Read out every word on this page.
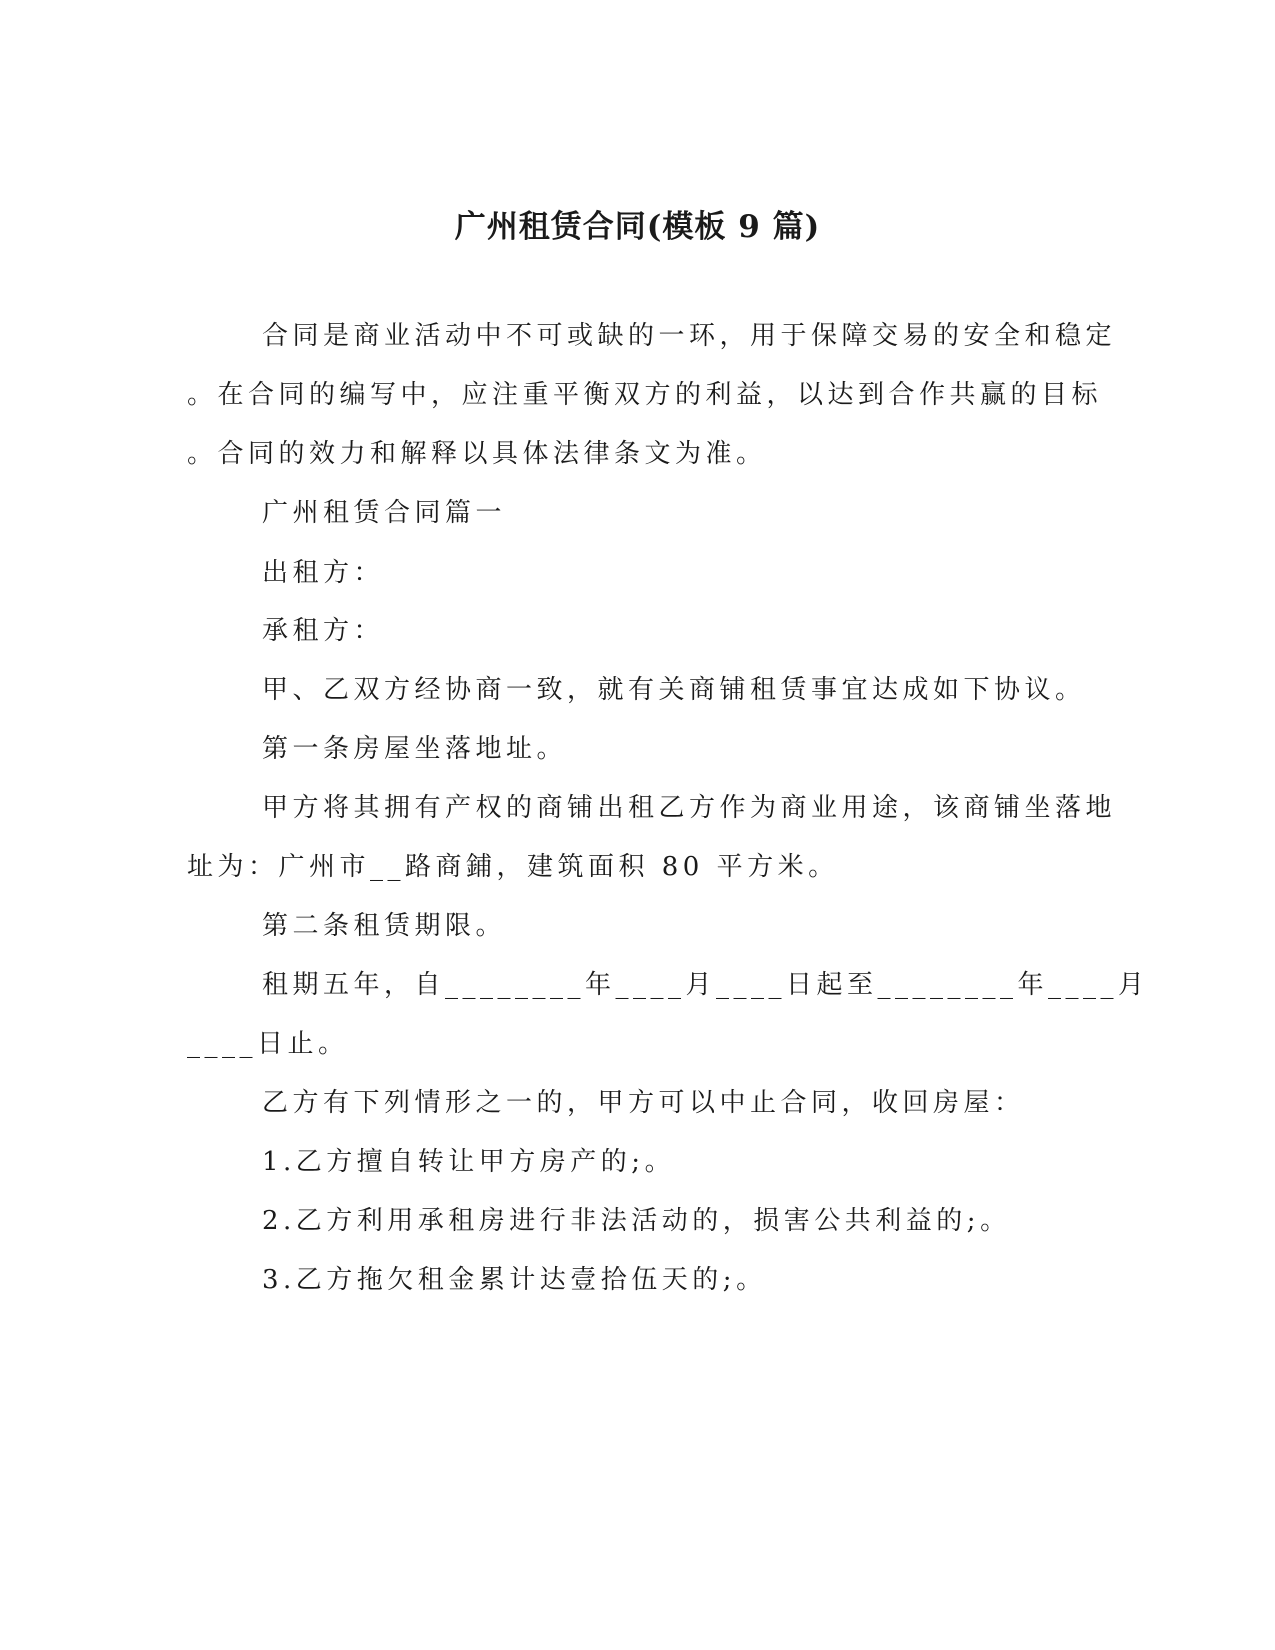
广州租赁合同(模板 9 篇)
合同是商业活动中不可或缺的一环，用于保障交易的安全和稳定
。在合同的编写中，应注重平衡双方的利益，以达到合作共赢的目标
。合同的效力和解释以具体法律条文为准。
广州租赁合同篇一
出租方：
承租方：
甲、乙双方经协商一致，就有关商铺租赁事宜达成如下协议。
第一条房屋坐落地址。
甲方将其拥有产权的商铺出租乙方作为商业用途，该商铺坐落地
址为：广州市__路商鋪，建筑面积 80 平方米。
第二条租赁期限。
租期五年，自________年____月____日起至________年____月
____日止。
乙方有下列情形之一的，甲方可以中止合同，收回房屋：
1.乙方擅自转让甲方房产的;。
2.乙方利用承租房进行非法活动的，损害公共利益的;。
3.乙方拖欠租金累计达壹拾伍天的;。
